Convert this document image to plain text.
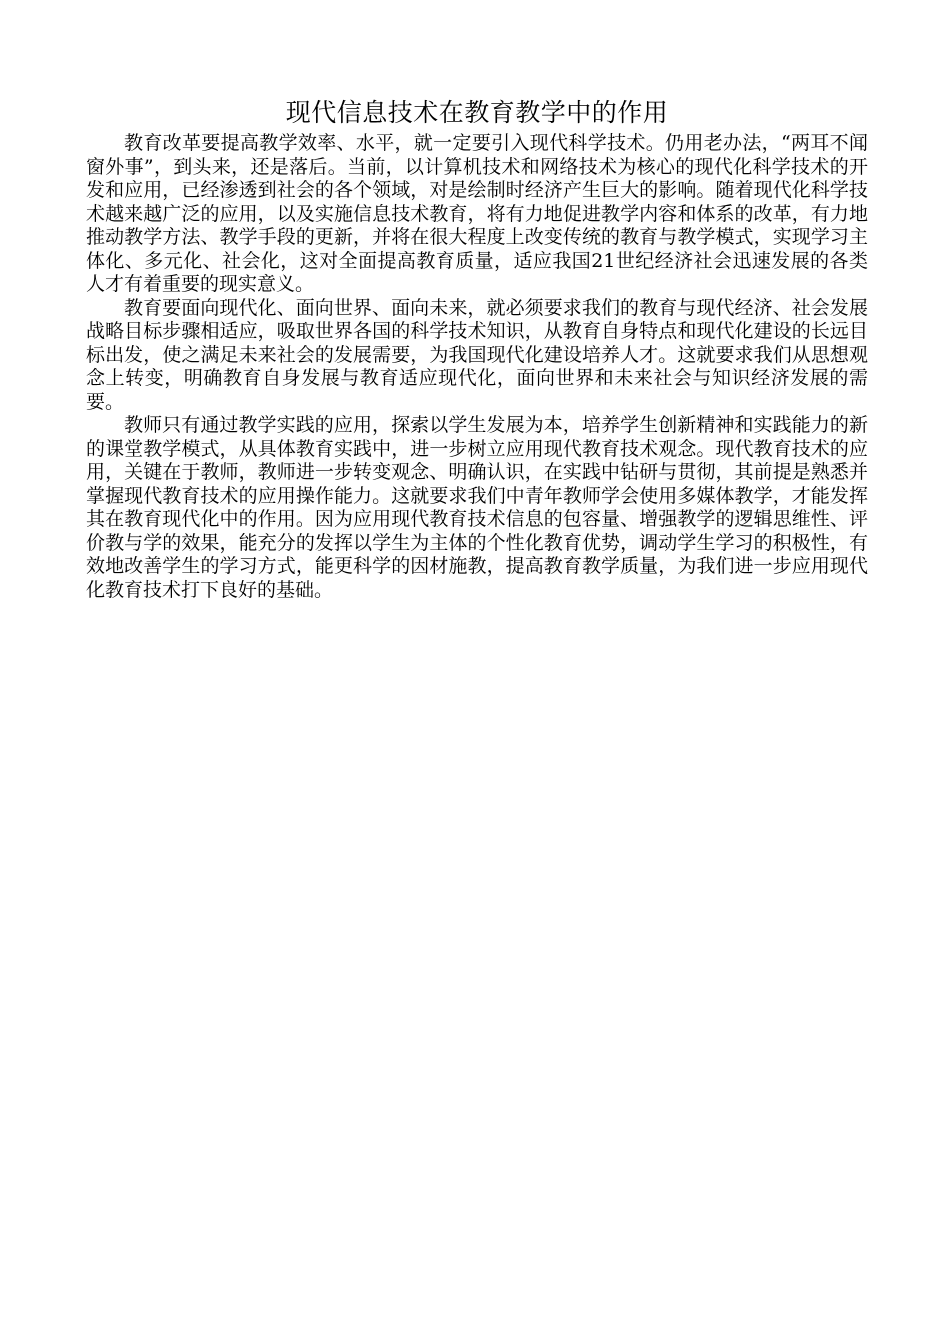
现代信息技术在教育教学中的作用

教育改革要提高教学效率、水平，就一定要引入现代科学技术。仍用老办法，“两耳不闻窗外事”，到头来，还是落后。当前，以计算机技术和网络技术为核心的现代化科学技术的开发和应用，已经渗透到社会的各个领域，对是绘制时经济产生巨大的影响。随着现代化科学技术越来越广泛的应用，以及实施信息技术教育，将有力地促进教学内容和体系的改革，有力地推动教学方法、教学手段的更新，并将在很大程度上改变传统的教育与教学模式，实现学习主体化、多元化、社会化，这对全面提高教育质量，适应我国21世纪经济社会迅速发展的各类人才有着重要的现实意义。

教育要面向现代化、面向世界、面向未来，就必须要求我们的教育与现代经济、社会发展战略目标步骤相适应，吸取世界各国的科学技术知识，从教育自身特点和现代化建设的长远目标出发，使之满足未来社会的发展需要，为我国现代化建设培养人才。这就要求我们从思想观念上转变，明确教育自身发展与教育适应现代化，面向世界和未来社会与知识经济发展的需要。

教师只有通过教学实践的应用，探索以学生发展为本，培养学生创新精神和实践能力的新的课堂教学模式，从具体教育实践中，进一步树立应用现代教育技术观念。现代教育技术的应用，关键在于教师，教师进一步转变观念、明确认识，在实践中钻研与贯彻，其前提是熟悉并掌握现代教育技术的应用操作能力。这就要求我们中青年教师学会使用多媒体教学，才能发挥其在教育现代化中的作用。因为应用现代教育技术信息的包容量、增强教学的逻辑思维性、评价教与学的效果，能充分的发挥以学生为主体的个性化教育优势，调动学生学习的积极性，有效地改善学生的学习方式，能更科学的因材施教，提高教育教学质量，为我们进一步应用现代化教育技术打下良好的基础。
